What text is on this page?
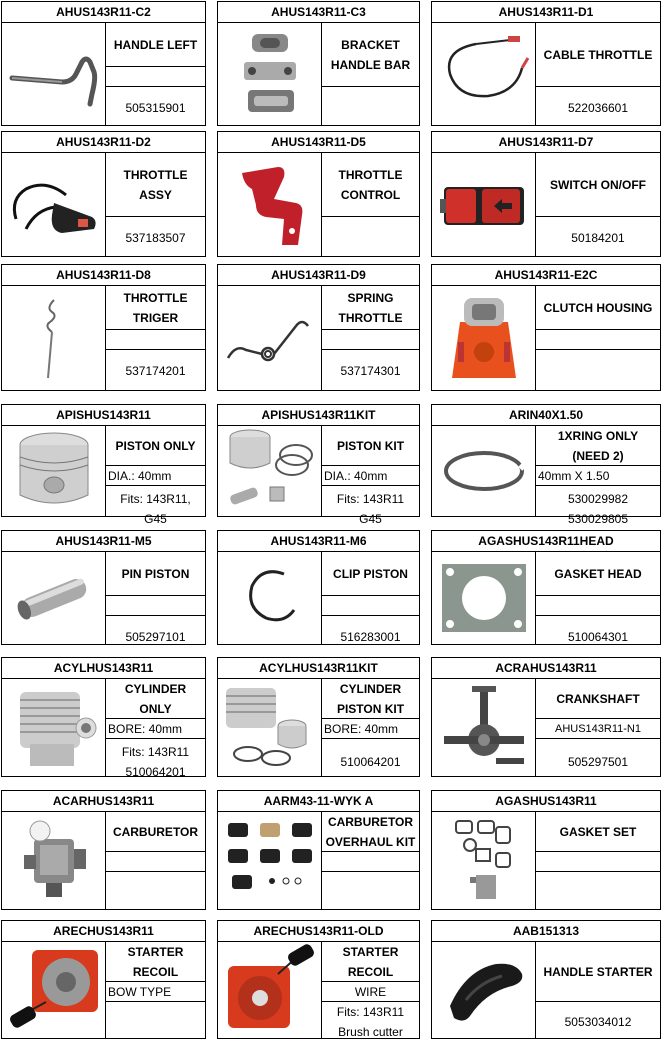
AHUS143R11-C2
HANDLE LEFT
505315901
AHUS143R11-C3
BRACKET HANDLE BAR
AHUS143R11-D1
CABLE THROTTLE
522036601
AHUS143R11-D2
THROTTLE ASSY
537183507
AHUS143R11-D5
THROTTLE CONTROL
AHUS143R11-D7
SWITCH ON/OFF
50184201
AHUS143R11-D8
THROTTLE TRIGER
537174201
AHUS143R11-D9
SPRING THROTTLE
537174301
AHUS143R11-E2C
CLUTCH HOUSING
APISHUS143R11
PISTON ONLY
DIA.: 40mm
Fits: 143R11, G45
APISHUS143R11KIT
PISTON KIT
DIA.: 40mm
Fits: 143R11 G45
ARIN40X1.50
1XRING ONLY (NEED 2)
40mm X 1.50
530029982 530029805
AHUS143R11-M5
PIN PISTON
505297101
AHUS143R11-M6
CLIP PISTON
516283001
AGASHUS143R11HEAD
GASKET HEAD
510064301
ACYLHUS143R11
CYLINDER ONLY
BORE: 40mm
Fits: 143R11 510064201
ACYLHUS143R11KIT
CYLINDER PISTON KIT
BORE: 40mm
510064201
ACRAHUS143R11
CRANKSHAFT
AHUS143R11-N1
505297501
ACARHUS143R11
CARBURETOR
AARM43-11-WYK A
CARBURETOR OVERHAUL KIT
AGASHUS143R11
GASKET SET
ARECHUS143R11
STARTER RECOIL
BOW TYPE
ARECHUS143R11-OLD
STARTER RECOIL
WIRE
Fits: 143R11 Brush cutter
AAB151313
HANDLE STARTER
5053034012
